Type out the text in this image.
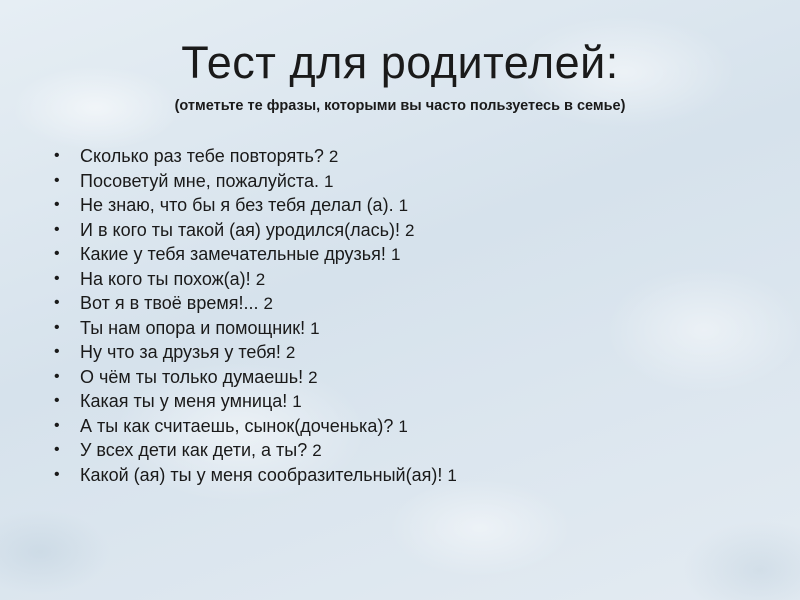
Тест для родителей:

(отметьте те фразы, которыми вы часто пользуетесь в семье)

• Сколько раз тебе повторять? 2
• Посоветуй мне, пожалуйста. 1
• Не знаю, что бы я без тебя делал (а). 1
• И в кого ты такой (ая) уродился(лась)! 2
• Какие у тебя замечательные друзья! 1
• На кого ты похож(а)! 2
• Вот я в твоё время!... 2
• Ты нам опора и помощник! 1
• Ну что за друзья у тебя! 2
• О чём ты только думаешь! 2
• Какая ты у меня умница! 1
• А ты как считаешь, сынок(доченька)? 1
• У всех дети как дети, а ты? 2
• Какой (ая) ты у меня сообразительный(ая)! 1
